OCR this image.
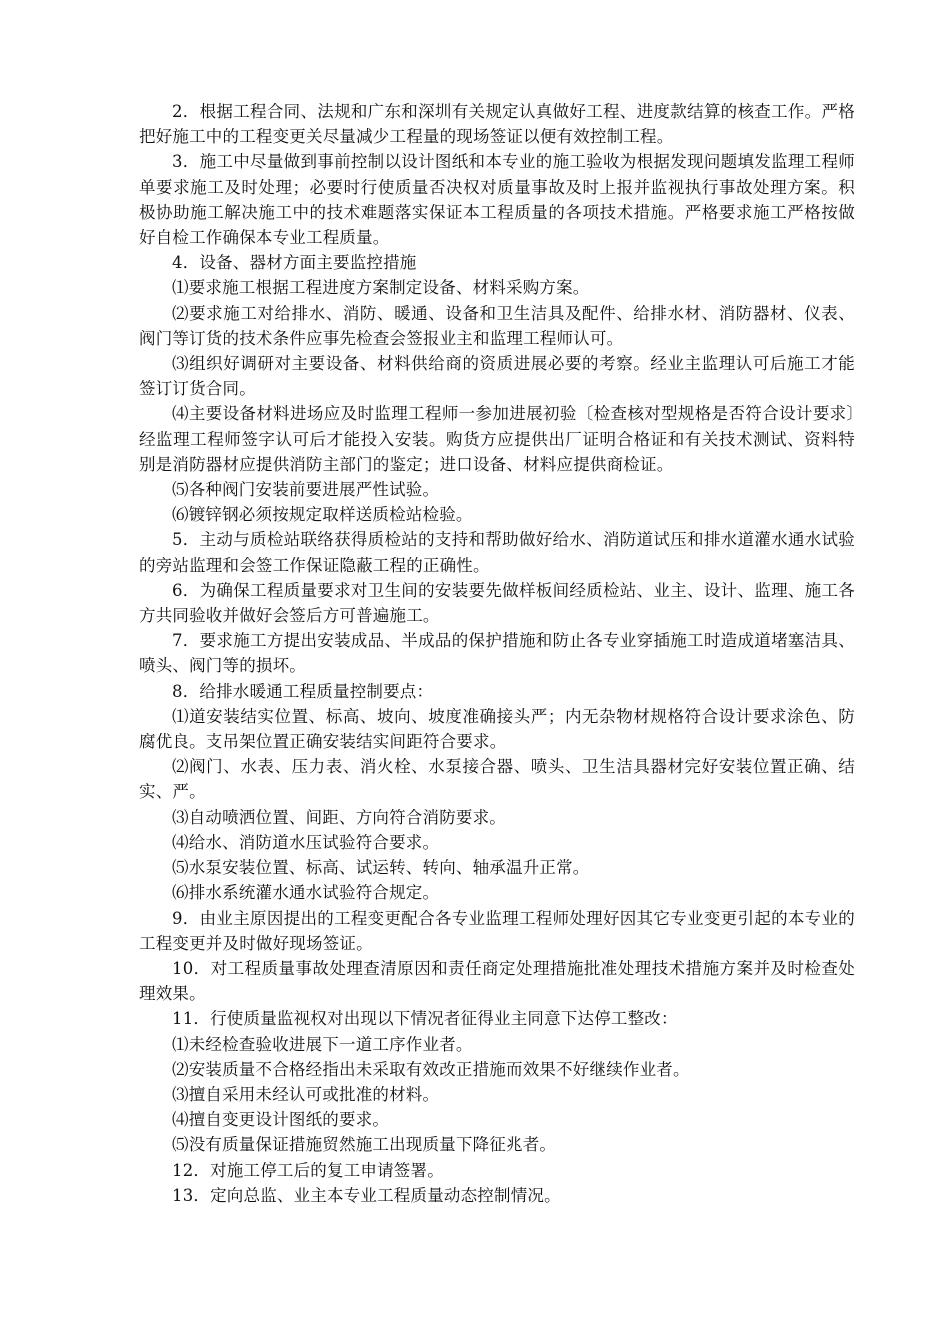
2．根据工程合同、法规和广东和深圳有关规定认真做好工程、进度款结算的核查工作。严格把好施工中的工程变更关尽量减少工程量的现场签证以便有效控制工程。

3．施工中尽量做到事前控制以设计图纸和本专业的施工验收为根据发现问题填发监理工程师单要求施工及时处理；必要时行使质量否决权对质量事故及时上报并监视执行事故处理方案。积极协助施工解决施工中的技术难题落实保证本工程质量的各项技术措施。严格要求施工严格按做好自检工作确保本专业工程质量。

4．设备、器材方面主要监控措施

⑴要求施工根据工程进度方案制定设备、材料采购方案。

⑵要求施工对给排水、消防、暖通、设备和卫生洁具及配件、给排水材、消防器材、仪表、阀门等订货的技术条件应事先检查会签报业主和监理工程师认可。

⑶组织好调研对主要设备、材料供给商的资质进展必要的考察。经业主监理认可后施工才能签订订货合同。

⑷主要设备材料进场应及时监理工程师一参加进展初验〔检查核对型规格是否符合设计要求〕经监理工程师签字认可后才能投入安装。购货方应提供出厂证明合格证和有关技术测试、资料特别是消防器材应提供消防主部门的鉴定；进口设备、材料应提供商检证。

⑸各种阀门安装前要进展严性试验。

⑹镀锌钢必须按规定取样送质检站检验。

5．主动与质检站联络获得质检站的支持和帮助做好给水、消防道试压和排水道灌水通水试验的旁站监理和会签工作保证隐蔽工程的正确性。

6．为确保工程质量要求对卫生间的安装要先做样板间经质检站、业主、设计、监理、施工各方共同验收并做好会签后方可普遍施工。

7．要求施工方提出安装成品、半成品的保护措施和防止各专业穿插施工时造成道堵塞洁具、喷头、阀门等的损坏。

8．给排水暖通工程质量控制要点：

⑴道安装结实位置、标高、坡向、坡度准确接头严；内无杂物材规格符合设计要求涂色、防腐优良。支吊架位置正确安装结实间距符合要求。

⑵阀门、水表、压力表、消火栓、水泵接合器、喷头、卫生洁具器材完好安装位置正确、结实、严。

⑶自动喷洒位置、间距、方向符合消防要求。

⑷给水、消防道水压试验符合要求。

⑸水泵安装位置、标高、试运转、转向、轴承温升正常。

⑹排水系统灌水通水试验符合规定。

9．由业主原因提出的工程变更配合各专业监理工程师处理好因其它专业变更引起的本专业的工程变更并及时做好现场签证。

10．对工程质量事故处理查清原因和责任商定处理措施批准处理技术措施方案并及时检查处理效果。

11．行使质量监视权对出现以下情况者征得业主同意下达停工整改：

⑴未经检查验收进展下一道工序作业者。

⑵安装质量不合格经指出未采取有效改正措施而效果不好继续作业者。

⑶擅自采用未经认可或批准的材料。

⑷擅自变更设计图纸的要求。

⑸没有质量保证措施贸然施工出现质量下降征兆者。

12．对施工停工后的复工申请签署。

13．定向总监、业主本专业工程质量动态控制情况。
